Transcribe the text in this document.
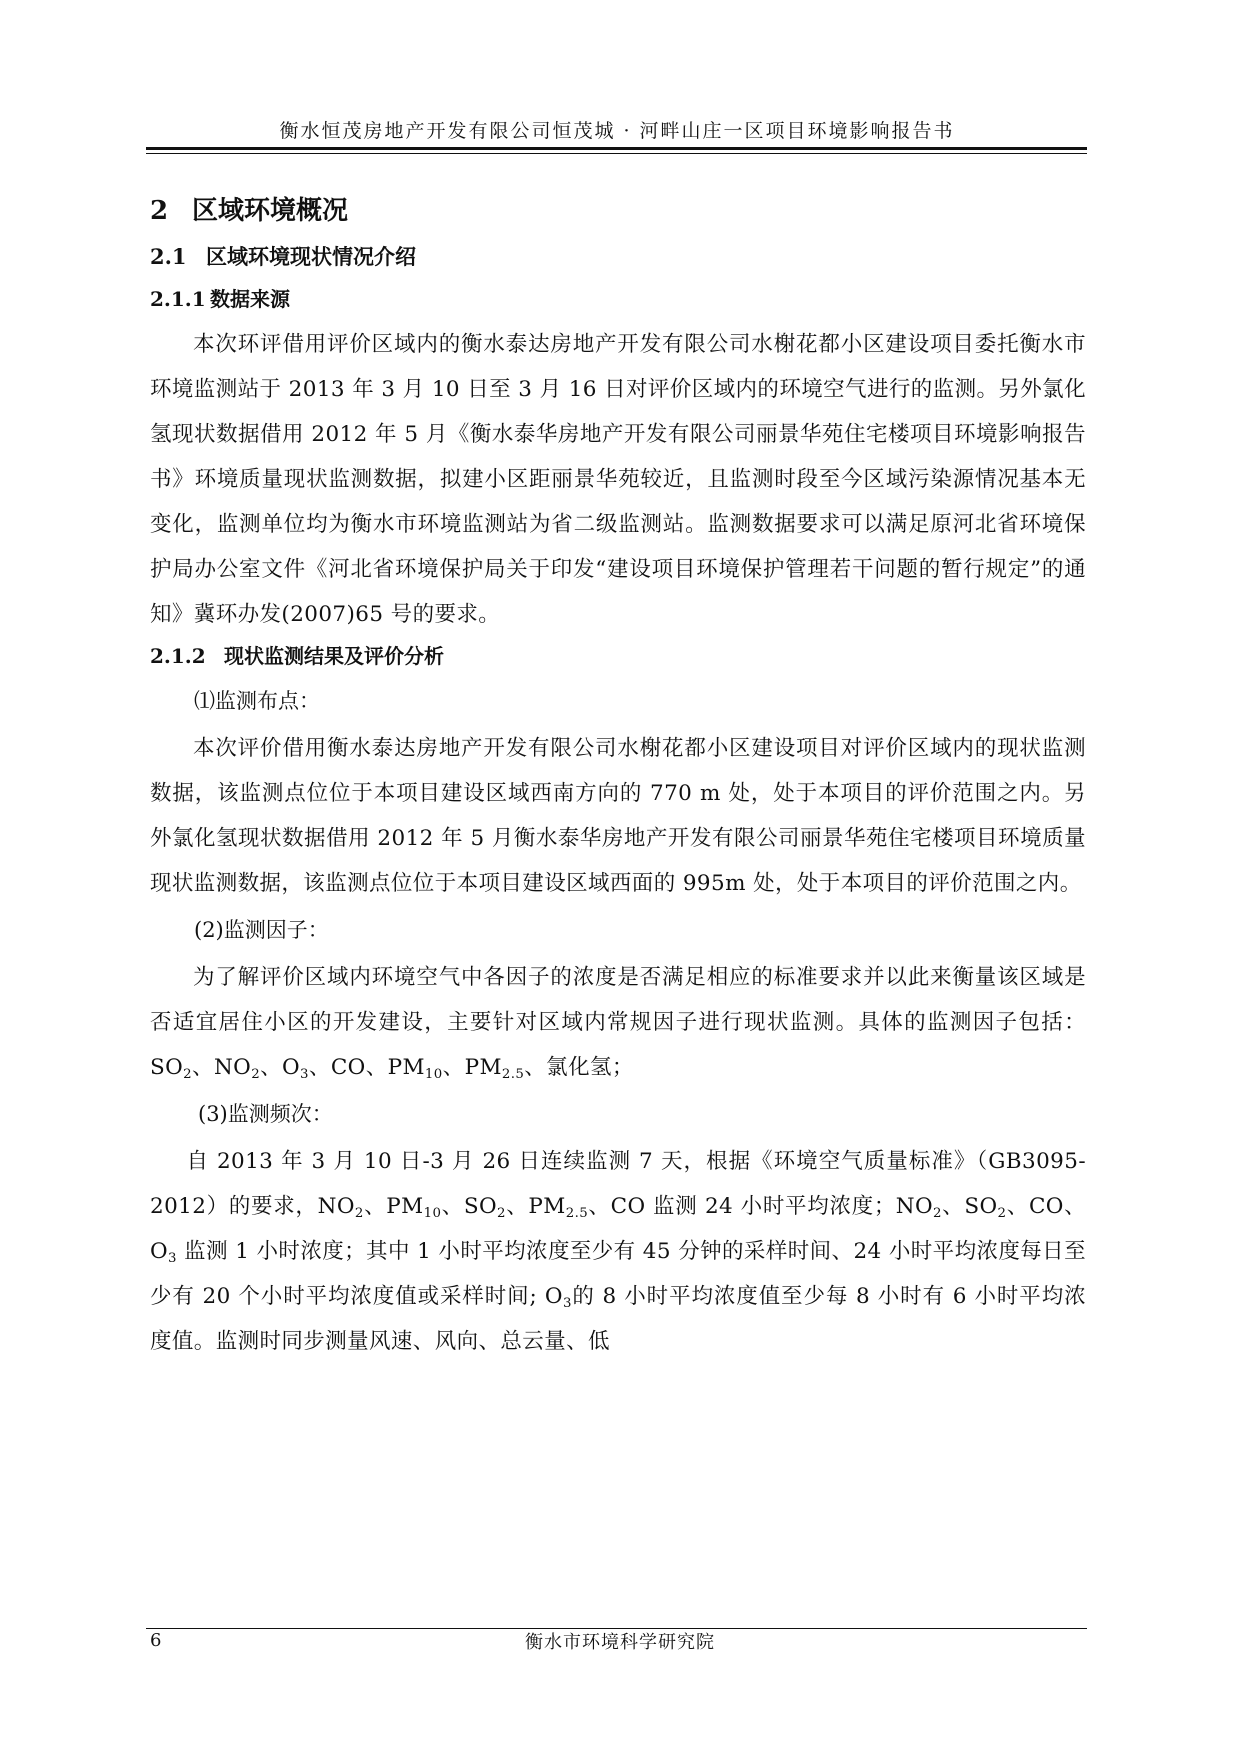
衡水恒茂房地产开发有限公司恒茂城 · 河畔山庄一区项目环境影响报告书
2 区域环境概况
2.1 区域环境现状情况介绍
2.1.1 数据来源

本次环评借用评价区域内的衡水泰达房地产开发有限公司水榭花都小区建设项目委托衡水市环境监测站于 2013 年 3 月 10 日至 3 月 16 日对评价区域内的环境空气进行的监测。另外氯化氢现状数据借用 2012 年 5 月《衡水泰华房地产开发有限公司丽景华苑住宅楼项目环境影响报告书》环境质量现状监测数据，拟建小区距丽景华苑较近，且监测时段至今区域污染源情况基本无变化，监测单位均为衡水市环境监测站为省二级监测站。监测数据要求可以满足原河北省环境保护局办公室文件《河北省环境保护局关于印发“建设项目环境保护管理若干问题的暂行规定”的通知》冀环办发(2007)65 号的要求。

2.1.2 现状监测结果及评价分析
⑴监测布点：

本次评价借用衡水泰达房地产开发有限公司水榭花都小区建设项目对评价区域内的现状监测数据，该监测点位位于本项目建设区域西南方向的 770 m 处，处于本项目的评价范围之内。另外氯化氢现状数据借用 2012 年 5 月衡水泰华房地产开发有限公司丽景华苑住宅楼项目环境质量现状监测数据，该监测点位位于本项目建设区域西面的 995m 处，处于本项目的评价范围之内。

(2)监测因子：

为了解评价区域内环境空气中各因子的浓度是否满足相应的标准要求并以此来衡量该区域是否适宜居住小区的开发建设，主要针对区域内常规因子进行现状监测。具体的监测因子包括：$SO_2$、$NO_2$、$O_3$、CO、$PM_{10}$、$PM_{2.5}$、氯化氢；

(3)监测频次：

自 2013 年 3 月 10 日-3 月 26 日连续监测 7 天，根据《环境空气质量标准》（GB3095-2012）的要求，$NO_2$、$PM_{10}$、$SO_2$、$PM_{2.5}$、CO 监测 24 小时平均浓度；$NO_2$、$SO_2$、CO、$O_3$ 监测 1 小时浓度；其中 1 小时平均浓度至少有 45 分钟的采样时间、24 小时平均浓度每日至少有 20 个小时平均浓度值或采样时间; $O_3$的 8 小时平均浓度值至少每 8 小时有 6 小时平均浓度值。监测时同步测量风速、风向、总云量、低

6	衡水市环境科学研究院
